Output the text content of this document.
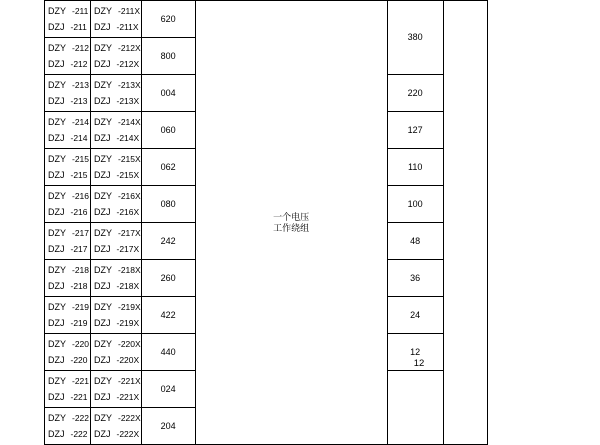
DZY -211
DZJ -211

DZY -211X
DZJ -211X
	620	
一个电压
工作绕组
	380	

DZY -212
DZJ -212

DZY -212X
DZJ -212X
	800

DZY -213
DZJ -213

DZY -213X
DZJ -213X
	004	220

DZY -214
DZJ -214

DZY -214X
DZJ -214X
	060	127

DZY -215
DZJ -215

DZY -215X
DZJ -215X
	062	110

DZY -216
DZJ -216

DZY -216X
DZJ -216X
	080	100

DZY -217
DZJ -217

DZY -217X
DZJ -217X
	242	48

DZY -218
DZJ -218

DZY -218X
DZJ -218X
	260	36

DZY -219
DZJ -219

DZY -219X
DZJ -219X
	422	24

DZY -220
DZJ -220

DZY -220X
DZJ -220X
	440	12

DZY -221
DZJ -221

DZY -221X
DZJ -221X
	024	

DZY -222
DZJ -222

DZY -222X
DZJ -222X
	204
12
